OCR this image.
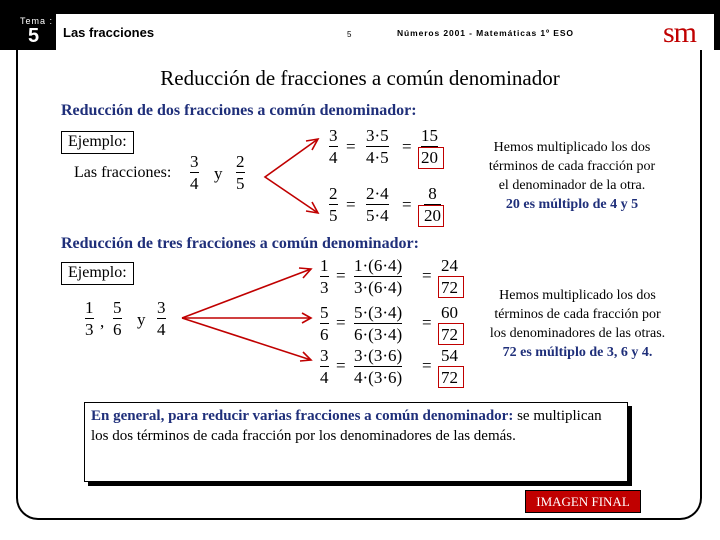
Tema :
5 Las fracciones	5	Números 2001 - Matemáticas 1º ESO	sm
Reducción de fracciones a común denominador
Reducción de dos fracciones a común denominador:
Ejemplo:
Las fracciones:
3
4
y
2
5
3
4
=
3·5
4·5
=
15
20
2
5
=
2·4
5·4
=
8
20
Hemos multiplicado los dos
términos de cada fracción por
el denominador de la otra.
20 es múltiplo de 4 y 5
Reducción de tres fracciones a común denominador:
Ejemplo:
1
3 ,
5
6
y
3
4
1
3
=
1·(6·4)
3·(6·4)
=
24
72
5
6
=
5·(3·4)
6·(3·4)
=
60
72
3
4
=
3·(3·6)
4·(3·6)
=
54
72
Hemos multiplicado los dos
términos de cada fracción por
los denominadores de las otras.
72 es múltiplo de 3, 6 y 4.
En general, para reducir varias fracciones a común denominador: se multiplican los dos términos de cada fracción por los denominadores de las demás.
IMAGEN FINAL
